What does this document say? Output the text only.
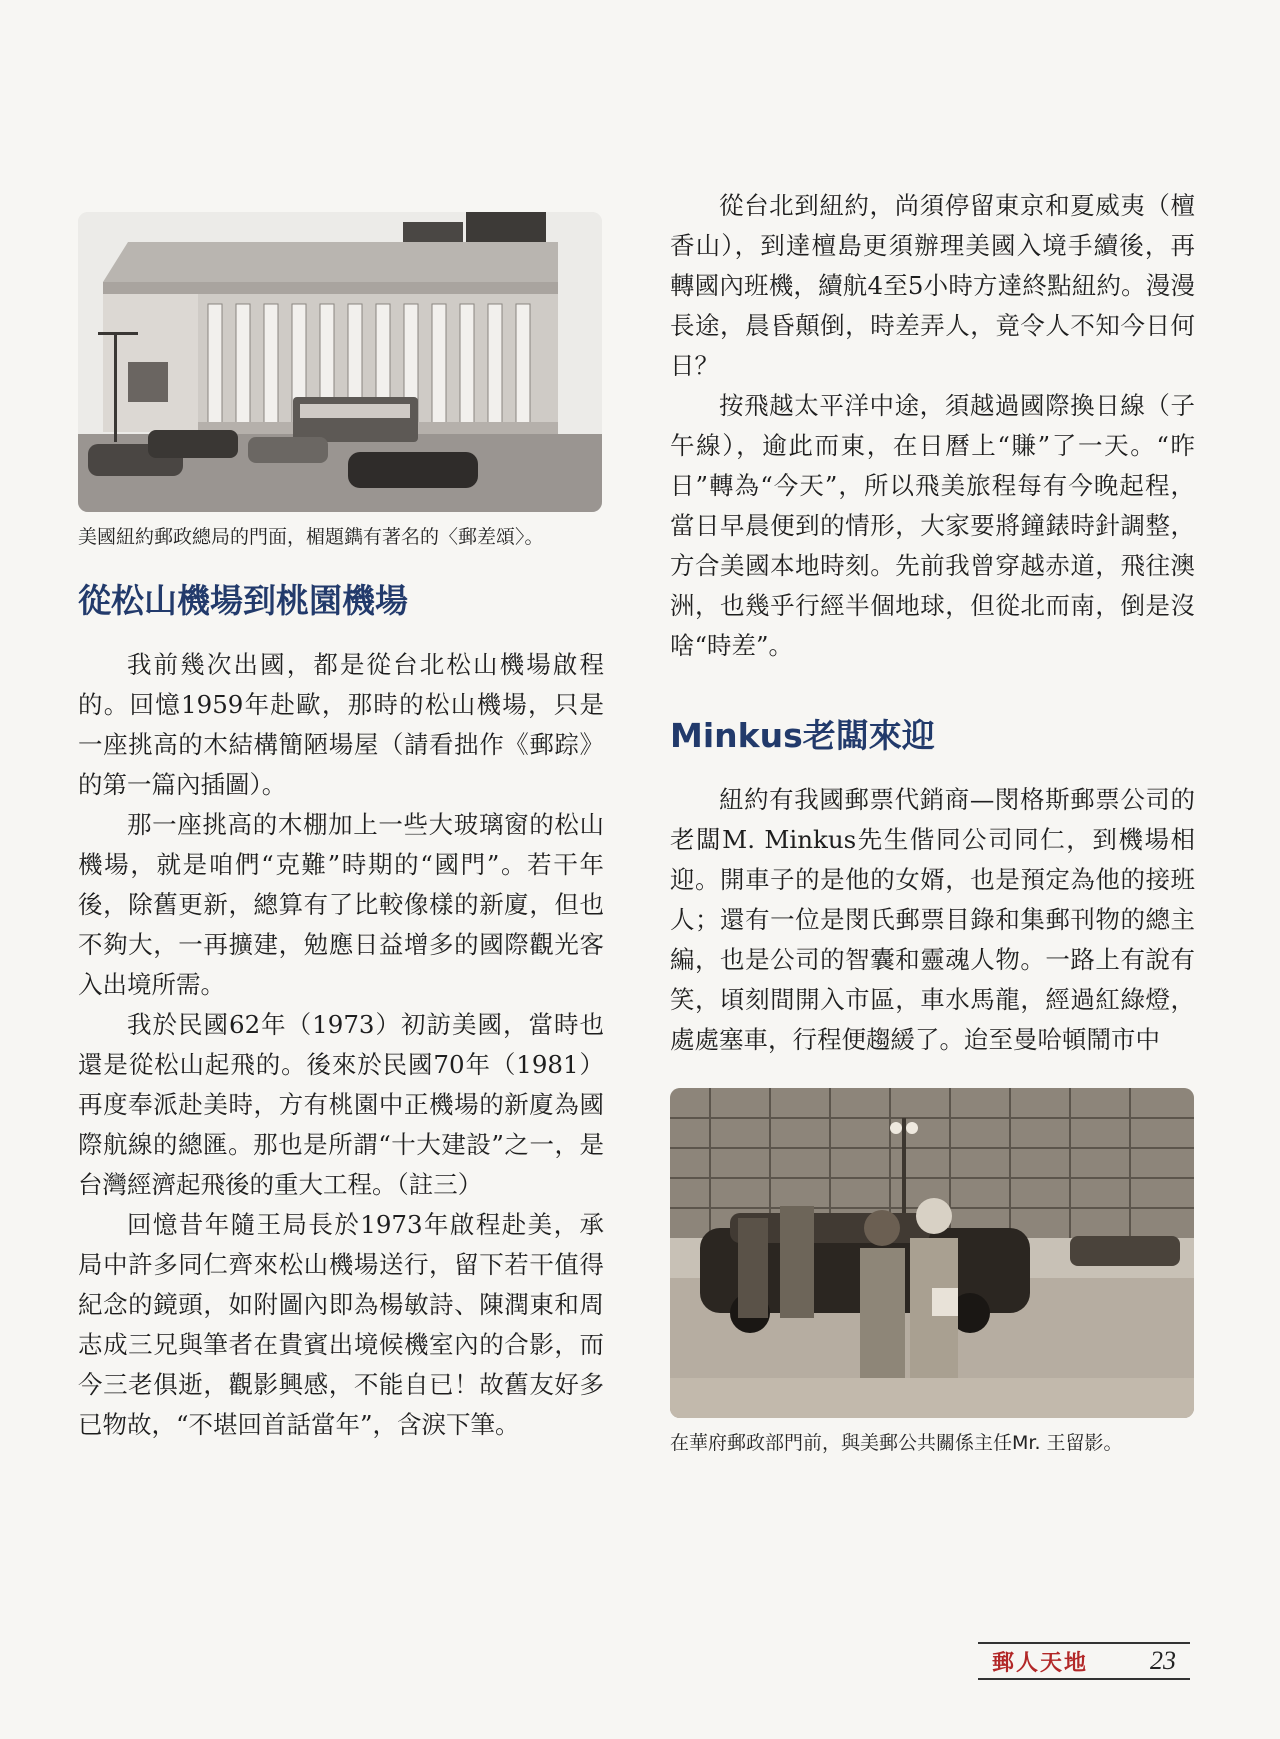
美國紐約郵政總局的門面，楣題鐫有著名的〈郵差頌〉。

從松山機場到桃園機場

我前幾次出國，都是從台北松山機場啟程的。回憶1959年赴歐，那時的松山機場，只是一座挑高的木結構簡陋場屋（請看拙作《郵踪》的第一篇內插圖）。

那一座挑高的木棚加上一些大玻璃窗的松山機場，就是咱們“克難”時期的“國門”。若干年後，除舊更新，總算有了比較像樣的新廈，但也不夠大，一再擴建，勉應日益增多的國際觀光客入出境所需。

我於民國62年（1973）初訪美國，當時也還是從松山起飛的。後來於民國70年（1981）再度奉派赴美時，方有桃園中正機場的新廈為國際航線的總匯。那也是所謂“十大建設”之一，是台灣經濟起飛後的重大工程。（註三）

回憶昔年隨王局長於1973年啟程赴美，承局中許多同仁齊來松山機場送行，留下若干值得紀念的鏡頭，如附圖內即為楊敏詩、陳潤東和周志成三兄與筆者在貴賓出境候機室內的合影，而今三老俱逝，觀影興感，不能自已！故舊友好多已物故，“不堪回首話當年”，含淚下筆。

從台北到紐約，尚須停留東京和夏威夷（檀香山），到達檀島更須辦理美國入境手續後，再轉國內班機，續航4至5小時方達終點紐約。漫漫長途，晨昏顛倒，時差弄人，竟令人不知今日何日？

按飛越太平洋中途，須越過國際換日線（子午線），逾此而東，在日曆上“賺”了一天。“昨日”轉為“今天”，所以飛美旅程每有今晚起程，當日早晨便到的情形，大家要將鐘錶時針調整，方合美國本地時刻。先前我曾穿越赤道，飛往澳洲，也幾乎行經半個地球，但從北而南，倒是沒啥“時差”。

Minkus老闆來迎

紐約有我國郵票代銷商—閔格斯郵票公司的老闆M. Minkus先生偕同公司同仁，到機場相迎。開車子的是他的女婿，也是預定為他的接班人；還有一位是閔氏郵票目錄和集郵刊物的總主編，也是公司的智囊和靈魂人物。一路上有說有笑，頃刻間開入市區，車水馬龍，經過紅綠燈，處處塞車，行程便趨緩了。迨至曼哈頓鬧市中

在華府郵政部門前，與美郵公共關係主任Mr. 王留影。

郵人天地 23
